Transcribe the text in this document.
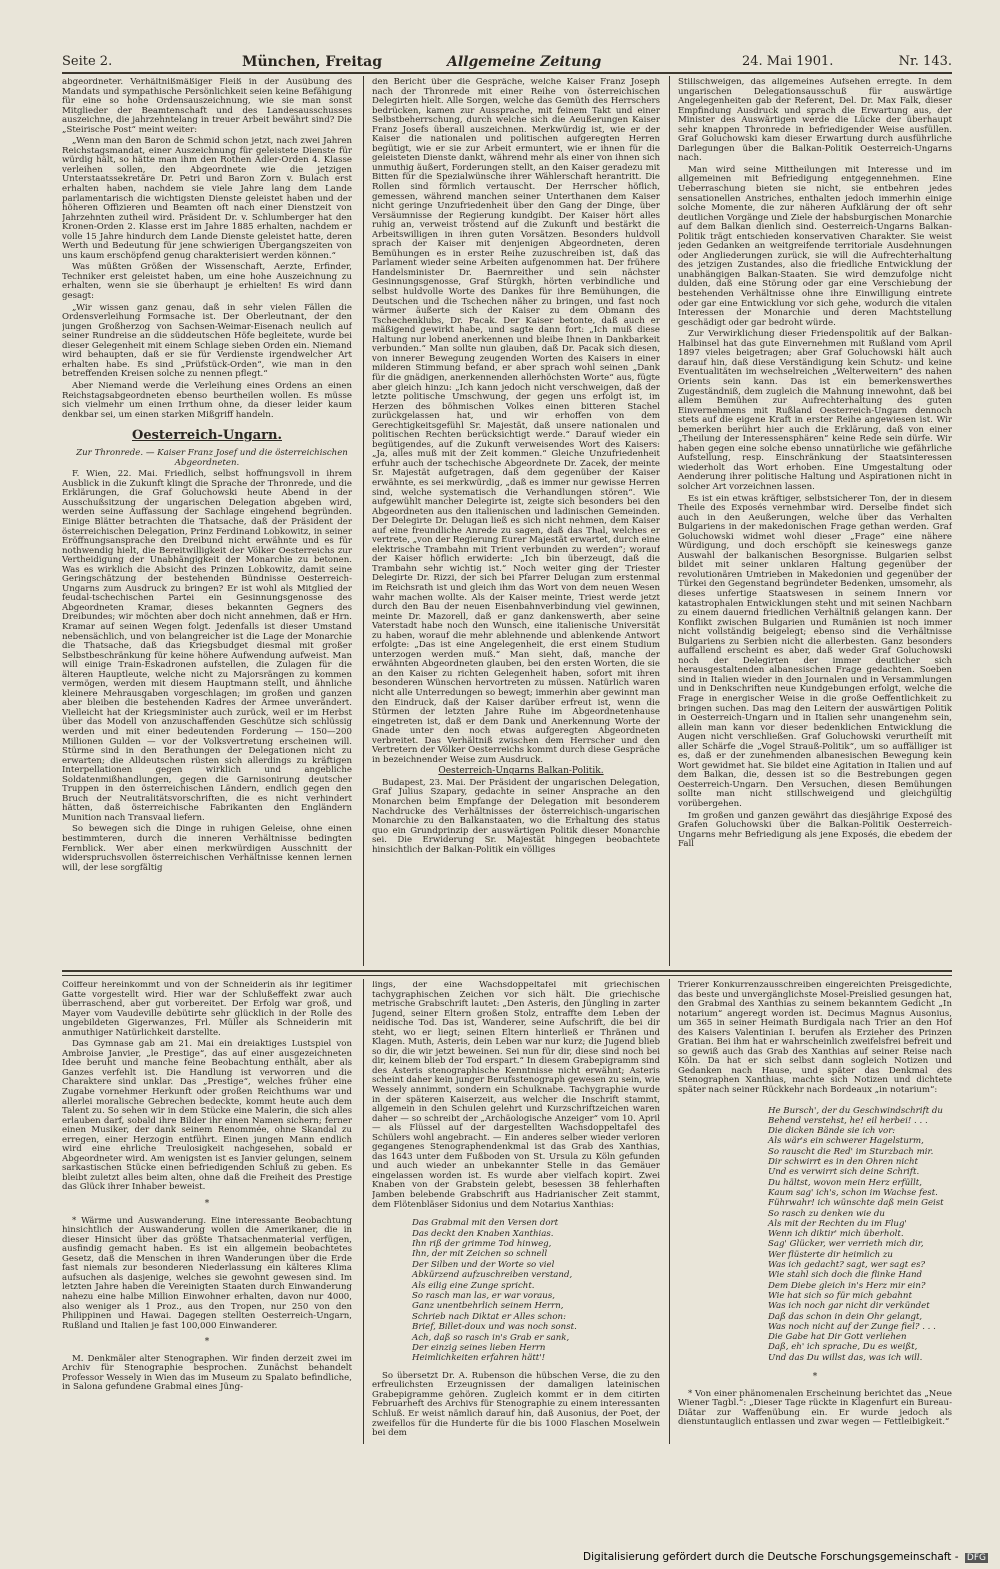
Seite 2.	München, Freitag	Allgemeine Zeitung	24. Mai 1901.	Nr. 143.

abgeordneter. Verhältnißmäßiger Fleiß in der Ausübung des Mandats und sympathische Persönlichkeit seien keine Befähigung für eine so hohe Ordensauszeichnung, wie sie man sonst Mitglieder der Beamtenschaft und des Landesausschusses auszeichne, die jahrzehntelang in treuer Arbeit bewährt sind? Die „Steirische Post“ meint weiter:

„Wenn man den Baron de Schmid schon jetzt, nach zwei Jahren Reichstagsmandat, einer Auszeichnung für geleistete Dienste für würdig hält, so hätte man ihm den Rothen Adler-Orden 4. Klasse verleihen sollen, den Abgeordnete wie die jetzigen Unterstaatssekretäre Dr. Petri und Baron Zorn v. Bulach erst erhalten haben, nachdem sie viele Jahre lang dem Lande parlamentarisch die wichtigsten Dienste geleistet haben und der höheren Offizieren und Beamten oft nach einer Dienstzeit von Jahrzehnten zutheil wird. Präsident Dr. v. Schlumberger hat den Kronen-Orden 2. Klasse erst im Jahre 1885 erhalten, nachdem er volle 15 Jahre hindurch dem Lande Dienste geleistet hatte, deren Werth und Bedeutung für jene schwierigen Übergangszeiten von uns kaum erschöpfend genug charakterisiert werden können.“

Was müßten Größen der Wissenschaft, Aerzte, Erfinder, Techniker erst geleistet haben, um eine hohe Auszeichnung zu erhalten, wenn sie sie überhaupt je erhielten! Es wird dann gesagt:

„Wir wissen ganz genau, daß in sehr vielen Fällen die Ordensverleihung Formsache ist. Der Oberleutnant, der den jungen Großherzog von Sachsen-Weimar-Eisenach neulich auf seiner Rundreise an die süddeutschen Höfe begleitete, wurde bei dieser Gelegenheit mit einem Schlage sieben Orden ein. Niemand wird behaupten, daß er sie für Verdienste irgendwelcher Art erhalten habe. Es sind „Prüfstück-Orden“, wie man in den betreffenden Kreisen solche zu nennen pflegt.“

Aber Niemand werde die Verleihung eines Ordens an einen Reichstagsabgeordneten ebenso beurtheilen wollen. Es müsse sich vielmehr um einen Irrthum ohne, da dieser leider kaum denkbar sei, um einen starken Mißgriff handeln.

Oesterreich-Ungarn.

Zur Thronrede. — Kaiser Franz Josef und die österreichischen Abgeordneten.

F. Wien, 22. Mai. Friedlich, selbst hoffnungsvoll in ihrem Ausblick in die Zukunft klingt die Sprache der Thronrede, und die Erklärungen, die Graf Goluchowski heute Abend in der Ausschußsitzung der ungarischen Delegation abgeben wird, werden seine Auffassung der Sachlage eingehend begründen. Einige Blätter betrachten die Thatsache, daß der Präsident der österreichischen Delegation, Prinz Ferdinand Lobkowitz, in seiner Eröffnungsansprache den Dreibund nicht erwähnte und es für nothwendig hielt, die Bereitwilligkeit der Völker Oesterreichs zur Vertheidigung der Unabhängigkeit der Monarchie zu betonen. Was es wirklich die Absicht des Prinzen Lobkowitz, damit seine Geringschätzung der bestehenden Bündnisse Oesterreich-Ungarns zum Ausdruck zu bringen? Er ist wohl als Mitglied der feudal-tschechischen Partei ein Gesinnungsgenosse des Abgeordneten Kramar, dieses bekannten Gegners des Dreibundes; wir möchten aber doch nicht annehmen, daß er Hrn. Kramar auf seinen Wegen folgt. Jedenfalls ist dieser Umstand nebensächlich, und von belangreicher ist die Lage der Monarchie die Thatsache, daß das Kriegsbudget diesmal mit großer Selbstbeschränkung für keine höhere Aufwendung aufweist. Man will einige Train-Eskadronen aufstellen, die Zulagen für die älteren Hauptleute, welche nicht zu Majorsrängen zu kommen vermögen, werden mit diesem Hauptmann stellt, und ähnliche kleinere Mehrausgaben vorgeschlagen; im großen und ganzen aber bleiben die bestehenden Kadres der Armee unverändert. Vielleicht hat der Kriegsminister auch zurück, weil er im Herbst über das Modell von anzuschaffenden Geschütze sich schlüssig werden und mit einer bedeutenden Forderung — 150—200 Millionen Gulden — vor der Volksvertretung erscheinen will. Stürme sind in den Berathungen der Delegationen nicht zu erwarten; die Alldeutschen rüsten sich allerdings zu kräftigen Interpellationen gegen wirklich und angebliche Soldatenmißhandlungen, gegen die Garnisonirung deutscher Truppen in den österreichischen Ländern, endlich gegen den Bruch der Neutralitätsvorschriften, die es nicht verhindert hätten, daß österreichische Fabrikanten den Engländern Munition nach Transvaal liefern.

So bewegen sich die Dinge in ruhigen Geleise, ohne einen bestimmteren, durch die inneren Verhältnisse bedingten Fernblick. Wer aber einen merkwürdigen Ausschnitt der widerspruchsvollen österreichischen Verhältnisse kennen lernen will, der lese sorgfältig

den Bericht über die Gespräche, welche Kaiser Franz Joseph nach der Thronrede mit einer Reihe von österreichischen Delegirten hielt. Alle Sorgen, welche das Gemüth des Herrschers bedrücken, kamen zur Aussprache, mit feinem Takt und einer Selbstbeherrschung, durch welche sich die Aeußerungen Kaiser Franz Josefs überall auszeichnen. Merkwürdig ist, wie er der Kaiser die nationalen und politischen aufgeregten Herren begütigt, wie er sie zur Arbeit ermuntert, wie er ihnen für die geleisteten Dienste dankt, während mehr als einer von ihnen sich unmuthig äußert, Forderungen stellt, an den Kaiser geradezu mit Bitten für die Spezialwünsche ihrer Wählerschaft herantritt. Die Rollen sind förmlich vertauscht. Der Herrscher höflich, gemessen, während manchen seiner Unterthanen dem Kaiser nicht geringe Unzufriedenheit über den Gang der Dinge, über Versäumnisse der Regierung kundgibt. Der Kaiser hört alles ruhig an, verweist tröstend auf die Zukunft und bestärkt die Arbeitswilligen in ihren guten Vorsätzen. Besonders huldvoll sprach der Kaiser mit denjenigen Abgeordneten, deren Bemühungen es in erster Reihe zuzuschreiben ist, daß das Parlament wieder seine Arbeiten aufgenommen hat. Der frühere Handelsminister Dr. Baernreither und sein nächster Gesinnungsgenosse, Graf Stürgkh, hörten verbindliche und selbst huldvolle Worte des Dankes für ihre Bemühungen, die Deutschen und die Tschechen näher zu bringen, und fast noch wärmer äußerte sich der Kaiser zu dem Obmann des Tschechenklubs, Dr. Pacak. Der Kaiser betonte, daß auch er mäßigend gewirkt habe, und sagte dann fort: „Ich muß diese Haltung nur lobend anerkennen und bleibe Ihnen in Dankbarkeit verbunden.“ Man sollte nun glauben, daß Dr. Pacak sich diesen, von innerer Bewegung zeugenden Worten des Kaisers in einer milderen Stimmung befand, er aber sprach wohl seinen „Dank für die gnädigen, anerkennenden allerhöchsten Worte“ aus, fügte aber gleich hinzu: „Ich kann jedoch nicht verschweigen, daß der letzte politische Umschwung, der gegen uns erfolgt ist, im Herzen des böhmischen Volkes einen bitteren Stachel zurückgelassen hat, und wir erhoffen von dem Gerechtigkeitsgefühl Sr. Majestät, daß unsere nationalen und politischen Rechten berücksichtigt werde.“ Darauf wieder ein begütigendes, auf die Zukunft verweisendes Wort des Kaisers: „Ja, alles muß mit der Zeit kommen.“ Gleiche Unzufriedenheit erfuhr auch der tschechische Abgeordnete Dr. Zacek, der meinte Sr. Majestät aufgetragen, daß dem gegenüber der Kaiser erwähnte, es sei merkwürdig, „daß es immer nur gewisse Herren sind, welche systematisch die Verhandlungen stören“. Wie aufgewühlt mancher Delegirte ist, zeigte sich besonders bei den Abgeordneten aus den italienischen und ladinischen Gemeinden. Der Delegirte Dr. Delugan ließ es sich nicht nehmen, dem Kaiser auf eine freundliche Anrede zu sagen, daß das Thal, welches er vertrete, „von der Regierung Eurer Majestät erwartet, durch eine elektrische Trambahn mit Trient verbunden zu werden“; worauf der Kaiser höflich erwiderte: „Ich bin überzeugt, daß die Trambahn sehr wichtig ist.“ Noch weiter ging der Triester Delegirte Dr. Rizzi, der sich bei Pfarrer Delugan zum erstenmal im Reichsrath ist und gleich ihm das Wort von dem neuen Wesen wahr machen wollte. Als der Kaiser meinte, Triest werde jetzt durch den Bau der neuen Eisenbahnverbindung viel gewinnen, meinte Dr. Mazorell, daß er ganz dankenswerth, aber seine Vaterstadt habe noch den Wunsch, eine italienische Universität zu haben, worauf die mehr ablehnende und ablenkende Antwort erfolgte: „Das ist eine Angelegenheit, die erst einem Studium unterzogen werden muß.“ Man sieht, daß, manche der erwähnten Abgeordneten glauben, bei den ersten Worten, die sie an den Kaiser zu richten Gelegenheit haben, sofort mit ihren besonderen Wünschen hervortreten zu müssen. Natürlich waren nicht alle Unterredungen so bewegt; immerhin aber gewinnt man den Eindruck, daß der Kaiser darüber erfreut ist, wenn die Stürmen der letzten Jahre Ruhe im Abgeordnetenhause eingetreten ist, daß er dem Dank und Anerkennung Worte der Gnade unter den noch etwas aufgeregten Abgeordneten verbreitet. Das Verhältniß zwischen dem Herrscher und den Vertretern der Völker Oesterreichs kommt durch diese Gespräche in bezeichnender Weise zum Ausdruck.

Oesterreich-Ungarns Balkan-Politik.

Budapest, 23. Mai. Der Präsident der ungarischen Delegation, Graf Julius Szapary, gedachte in seiner Ansprache an den Monarchen beim Empfange der Delegation mit besonderem Nachdrucke des Verhältnisses der österreichisch-ungarischen Monarchie zu den Balkanstaaten, wo die Erhaltung des status quo ein Grundprinzip der auswärtigen Politik dieser Monarchie sei. Die Erwiderung Sr. Majestät hingegen beobachtete hinsichtlich der Balkan-Politik ein völliges

Stillschweigen, das allgemeines Aufsehen erregte. In dem ungarischen Delegationsausschuß für auswärtige Angelegenheiten gab der Referent, Del. Dr. Max Falk, dieser Empfindung Ausdruck und sprach die Erwartung aus, der Minister des Auswärtigen werde die Lücke der überhaupt sehr knappen Thronrede in befriedigender Weise ausfüllen. Graf Goluchowski kam dieser Erwartung durch ausführliche Darlegungen über die Balkan-Politik Oesterreich-Ungarns nach.

Man wird seine Mittheilungen mit Interesse und im allgemeinen mit Befriedigung entgegennehmen. Eine Ueberraschung bieten sie nicht, sie entbehren jedes sensationellen Anstriches, enthalten jedoch immerhin einige solche Momente, die zur näheren Aufklärung der oft sehr deutlichen Vorgänge und Ziele der habsburgischen Monarchie auf dem Balkan dienlich sind. Oesterreich-Ungarns Balkan-Politik trägt entschieden konservativen Charakter. Sie weist jeden Gedanken an weitgreifende territoriale Ausdehnungen oder Angliederungen zurück, sie will die Aufrechterhaltung des jetzigen Zustandes, also die friedliche Entwicklung der unabhängigen Balkan-Staaten. Sie wird demzufolge nicht dulden, daß eine Störung oder gar eine Verschiebung der bestehenden Verhältnisse ohne ihre Einwilligung eintrete oder gar eine Entwicklung vor sich gehe, wodurch die vitalen Interessen der Monarchie und deren Machtstellung geschädigt oder gar bedroht würde.

Zur Verwirklichung dieser Friedenspolitik auf der Balkan-Halbinsel hat das gute Einvernehmen mit Rußland vom April 1897 vieles beigetragen; aber Graf Goluchowski hält auch darauf hin, daß diese Verständigung kein Schutz- und keine Eventualitäten im wechselreichen „Welterweitern“ des nahen Orients sein kann. Das ist ein bemerkenswerthes Zugeständniß, dem zugleich die Mahnung innewohnt, daß bei allem Bemühen zur Aufrechterhaltung des guten Einvernehmens mit Rußland Oesterreich-Ungarn dennoch stets auf die eigene Kraft in erster Reihe angewiesen ist. Wir bemerken berührt hier auch die Erklärung, daß von einer „Theilung der Interessensphären“ keine Rede sein dürfe. Wir haben gegen eine solche ebenso unnatürliche wie gefährliche Aufstellung, resp. Einschränkung der Staatsinteressen wiederholt das Wort erhoben. Eine Umgestaltung oder Aenderung ihrer politische Haltung und Aspirationen nicht in solcher Art vorzeichnen lassen.

Es ist ein etwas kräftiger, selbstsicherer Ton, der in diesem Theile des Exposés vernehmbar wird. Derselbe findet sich auch in den Aeußerungen, welche über das Verhalten Bulgariens in der makedonischen Frage gethan werden. Graf Goluchowski widmet wohl dieser „Frage“ eine nähere Würdigung, und doch erschöpft sie keineswegs ganze Auswahl der balkanischen Besorgnisse. Bulgarien selbst bildet mit seiner unklaren Haltung gegenüber der revolutionären Umtrieben in Makedonien und gegenüber der Türkei den Gegenstand begründeter Bedenken, umsomehr, als dieses unfertige Staatswesen in seinem Innern vor katastrophalen Entwicklungen steht und mit seinen Nachbarn zu einem dauernd friedlichen Verhältniß gelangen kann. Der Konflikt zwischen Bulgarien und Rumänien ist noch immer nicht vollständig beigelegt; ebenso sind die Verhältnisse Bulgariens zu Serbien nicht die allerbesten. Ganz besonders auffallend erscheint es aber, daß weder Graf Goluchowski noch der Delegirten der immer deutlicher sich herausgestaltenden albanesischen Frage gedachten. Soeben sind in Italien wieder in den Journalen und in Versammlungen und in Denkschriften neue Kundgebungen erfolgt, welche die Frage in energischer Weise in die große Oeffentlichkeit zu bringen suchen. Das mag den Leitern der auswärtigen Politik in Oesterreich-Ungarn und in Italien sehr unangenehm sein, allein man kann vor dieser bedenklichen Entwicklung die Augen nicht verschließen. Graf Goluchowski verurtheilt mit aller Schärfe die „Vogel Strauß-Politik“, um so auffälliger ist es, daß er der zunehmenden albanesischen Bewegung kein Wort gewidmet hat. Sie bildet eine Agitation in Italien und auf dem Balkan, die, dessen ist so die Bestrebungen gegen Oesterreich-Ungarn. Den Versuchen, diesen Bemühungen sollte man nicht stillschweigend und gleichgültig vorübergehen.

Im großen und ganzen gewährt das diesjährige Exposé des Grafen Goluchowski über die Balkan-Politik Oesterreich-Ungarns mehr Befriedigung als jene Exposés, die ebedem der Fall

Coiffeur hereinkommt und von der Schneiderin als ihr legitimer Gatte vorgestellt wird. Hier war der Schlußeffekt zwar auch überraschend, aber gut vorbereitet. Der Erfolg war groß, und Mayer vom Vaudeville debütirte sehr glücklich in der Rolle des ungebildeten Gigerwanzes, Frl. Müller als Schneiderin mit anmuthiger Natürlichkeit darstellte.

Das Gymnase gab am 21. Mai ein dreiaktiges Lustspiel von Ambroise Janvier, „le Prestige“, das auf einer ausgezeichneten Idee beruht und manche feine Beobachtung enthält, aber als Ganzes verfehlt ist. Die Handlung ist verworren und die Charaktere sind unklar. Das „Prestige“, welches früher eine Zugabe vornehmer Herkunft oder großen Reichthums war und allerlei moralische Gebrechen bedeckte, kommt heute auch dem Talent zu. So sehen wir in dem Stücke eine Malerin, die sich alles erlauben darf, sobald ihre Bilder ihr einen Namen sichern; ferner einen Musiker, der dank seinem Renommée, ohne Skandal zu erregen, einer Herzogin entführt. Einen jungen Mann endlich wird eine ehrliche Treulosigkeit nachgesehen, sobald er Abgeordneter wird. Am wenigsten ist es Janvier gelungen, seinem sarkastischen Stücke einen befriedigenden Schluß zu geben. Es bleibt zuletzt alles beim alten, ohne daß die Freiheit des Prestige das Glück ihrer Inhaber beweist.

*

* Wärme und Auswanderung. Eine interessante Beobachtung hinsichtlich der Auswanderung wollen die Amerikaner, die in dieser Hinsicht über das größte Thatsachenmaterial verfügen, ausfindig gemacht haben. Es ist ein allgemein beobachtetes Gesetz, daß die Menschen in ihren Wanderungen über die Erde fast niemals zur besonderen Niederlassung ein kälteres Klima aufsuchen als dasjenige, welches sie gewohnt gewesen sind. Im letzten Jahre haben die Vereinigten Staaten durch Einwanderung nahezu eine halbe Million Einwohner erhalten, davon nur 4000, also weniger als 1 Proz., aus den Tropen, nur 250 von den Philippinen und Hawai. Dagegen stellten Oesterreich-Ungarn, Rußland und Italien je fast 100,000 Einwanderer.

*

M. Denkmäler alter Stenographen. Wir finden derzeit zwei im Archiv für Stenographie besprochen. Zunächst behandelt Professor Wessely in Wien das im Museum zu Spalato befindliche, in Salona gefundene Grabmal eines Jüng-

lings, der eine Wachsdoppeltafel mit griechischen tachygraphischen Zeichen vor sich hält. Die griechische metrische Grabschrift lautet: „Den Asteris, den Jüngling in zarter Jugend, seiner Eltern großen Stolz, entraffte dem Leben der neidische Tod. Das ist, Wanderer, seine Aufschrift, die bei dir steht, wo er liegt; seinen Eltern hinterließ er Thränen und Klagen. Muth, Asteris, dein Leben war nur kurz; die Jugend blieb so dir, die wir jetzt beweinen. Sei nun für dir, diese sind noch bei dir, keinem blieb der Tod erspart.“ In diesem Grabepigramm sind des Asteris stenographische Kenntnisse nicht erwähnt; Asteris scheint daher kein junger Berufsstenograph gewesen zu sein, wie Wessely annimmt, sondern ein Schulknabe. Tachygraphie wurde in der späteren Kaiserzeit, aus welcher die Inschrift stammt, allgemein in den Schulen gelehrt und Kurzschriftzeichen waren daher — so schreibt der „Archäologische Anzeiger“ vom 10. April — als Flüssel auf der dargestellten Wachsdoppeltafel des Schülers wohl angebracht. — Ein anderes selber wieder verloren gegangenes Stenographendenkmal ist das Grab des Xanthias, das 1643 unter dem Fußboden von St. Ursula zu Köln gefunden und auch wieder an unbekannter Stelle in das Gemäuer eingelassen worden ist. Es wurde aber vielfach kopirt. Zwei Knaben von der Grabstein gelebt, besessen 38 fehlerhaften Jamben belebende Grabschrift aus Hadrianischer Zeit stammt, dem Flötenbläser Sidonius und dem Notarius Xanthias:

Das Grabmal mit den Versen dort
Das deckt den Knaben Xanthias.
Ihn riß der grimme Tod hinweg,
Ihn, der mit Zeichen so schnell
Der Silben und der Worte so viel
Abkürzend aufzuschreiben verstand,
Als eilig eine Zunge spricht.
So rasch man las, er war voraus,
Ganz unentbehrlich seinem Herrn,
Schrieb nach Diktat er Alles schon:
Brief, Billet-doux und was noch sonst.
Ach, daß so rasch in's Grab er sank,
Der einzig seines lieben Herrn
Heimlichkeiten erfahren hätt'!

So übersetzt Dr. A. Rubenson die hübschen Verse, die zu den erfreulichsten Erzeugnissen der damaligen lateinischen Grabepigramme gehören. Zugleich kommt er in dem citirten Februarheft des Archivs für Stenographie zu einem interessanten Schluß. Er weist nämlich darauf hin, daß Ausonius, der Poet, der zweifellos für die Hunderte für die bis 1000 Flaschen Moselwein bei dem

Trierer Konkurrenzausschreiben eingereichten Preisgedichte, das beste und unvergänglichste Mosel-Preislied gesungen hat, den Grabmal des Xanthias zu seinem bekanntem Gedicht „In notarium“ angeregt worden ist. Decimus Magnus Ausonius, um 365 in seiner Heimath Burdigala nach Trier an den Hof des Kaisers Valentinian I. berufen als Erzieher des Prinzen Gratian. Bei ihm hat er wahrscheinlich zweifelsfrei befreit und so gewiß auch das Grab des Xanthias auf seiner Reise nach Köln. Da hat er sich selbst dann sogleich Notizen und Gedanken nach Hause, und später das Denkmal des Stenographen Xanthias, machte sich Notizen und dichtete später nach seiner Rückkehr nach Bordeaux „in notarium“:

He Bursch', der du Geschwindschrift du
Behend verstehst, he! eil herbei! . . .
Die dicken Bände sie ich vor:
Als wär's ein schwerer Hagelsturm,
So rauscht die Red' im Sturzbach mir.
Dir schwirrt es in den Ohren nicht
Und es verwirrt sich deine Schrift.
Du hältst, wovon mein Herz erfüllt,
Kaum sag' ich's, schon im Wachse fest.
Führwahr! ich wünschte daß mein Geist
So rasch zu denken wie du
Als mit der Rechten du im Flug'
Wenn ich diktir' mich überholt.
Sag' Glücker, wer verrieth mich dir,
Wer flüsterte dir heimlich zu
Was ich gedacht? sagt, wer sagt es?
Wie stahl sich doch die flinke Hand
Dem Diebe gleich in's Herz mir ein?
Wie hat sich so für mich gebahnt
Was ich noch gar nicht dir verkündet
Daß das schon in dein Ohr gelangt,
Was noch nicht auf der Zunge fiel? . . .
Die Gabe hat Dir Gott verliehen
Daß, eh' ich sprache, Du es weißt,
Und das Du willst das, was ich will.
*

* Von einer phänomenalen Erscheinung berichtet das „Neue Wiener Tagbl.“: „Dieser Tage rückte in Klagenfurt ein Bureau-Diätar zur Waffenübung ein. Er wurde jedoch als dienstuntauglich entlassen und zwar wegen — Fettleibigkeit.“

Digitalisierung gefördert durch die Deutsche Forschungsgemeinschaft - DFG
